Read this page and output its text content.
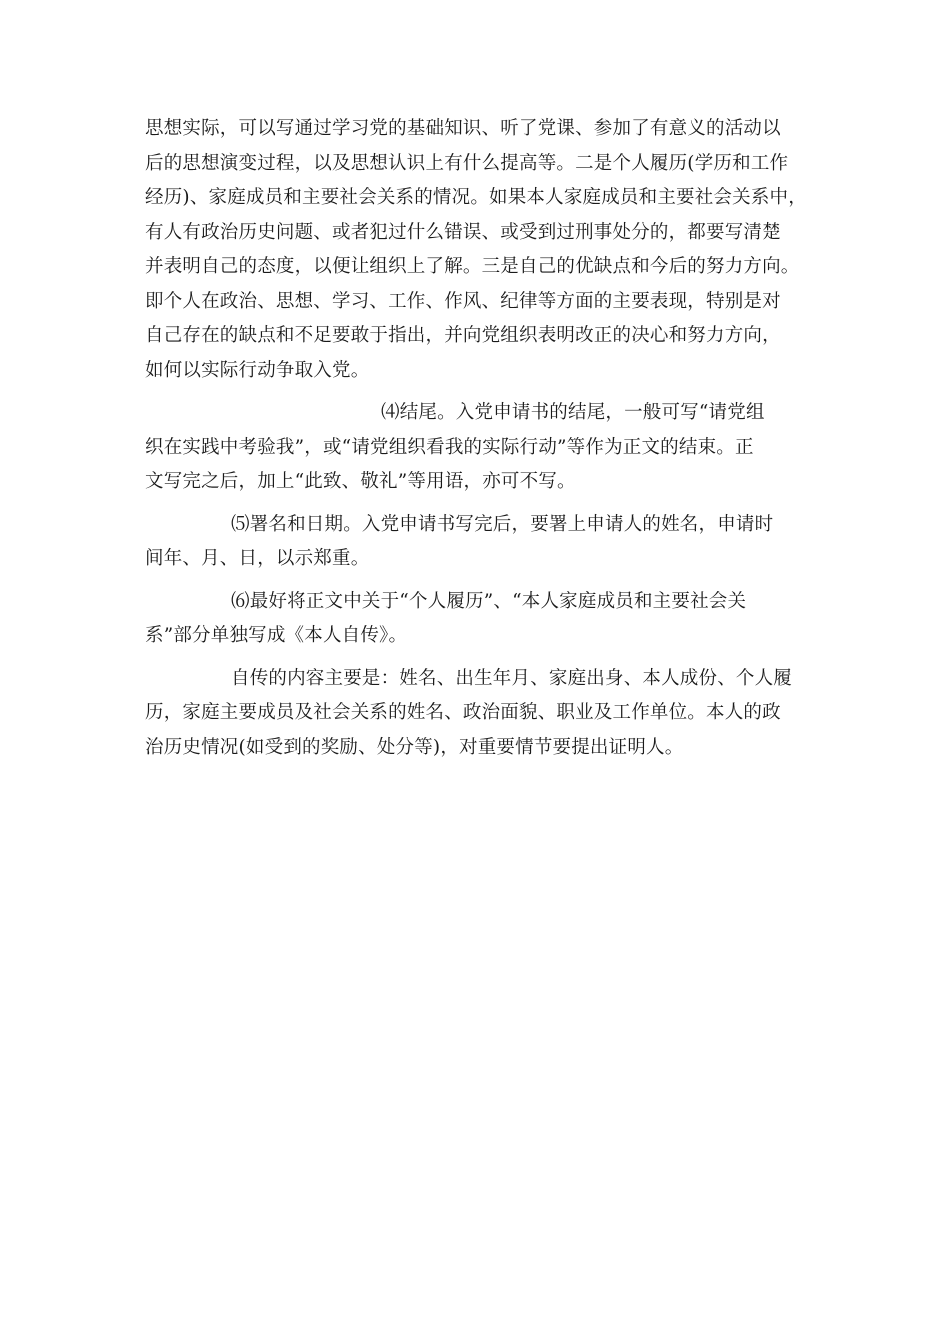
思想实际，可以写通过学习党的基础知识、听了党课、参加了有意义的活动以
后的思想演变过程，以及思想认识上有什么提高等。二是个人履历(学历和工作
经历)、家庭成员和主要社会关系的情况。如果本人家庭成员和主要社会关系中，
有人有政治历史问题、或者犯过什么错误、或受到过刑事处分的，都要写清楚
并表明自己的态度，以便让组织上了解。三是自己的优缺点和今后的努力方向。
即个人在政治、思想、学习、工作、作风、纪律等方面的主要表现，特别是对
自己存在的缺点和不足要敢于指出，并向党组织表明改正的决心和努力方向，
如何以实际行动争取入党。

⑷结尾。入党申请书的结尾，一般可写“请党组
织在实践中考验我”，或“请党组织看我的实际行动”等作为正文的结束。正
文写完之后，加上“此致、敬礼”等用语，亦可不写。

⑸署名和日期。入党申请书写完后，要署上申请人的姓名，申请时
间年、月、日，以示郑重。

⑹最好将正文中关于“个人履历”、“本人家庭成员和主要社会关
系”部分单独写成《本人自传》。

自传的内容主要是：姓名、出生年月、家庭出身、本人成份、个人履
历，家庭主要成员及社会关系的姓名、政治面貌、职业及工作单位。本人的政
治历史情况(如受到的奖励、处分等)，对重要情节要提出证明人。
